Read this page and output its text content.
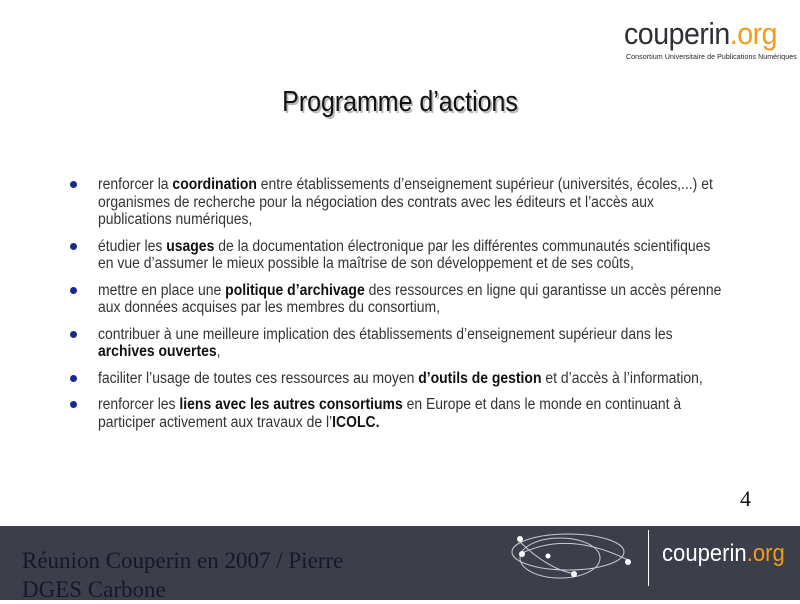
couperin.org
Consortium Universitaire de Publications Numériques
Programme d’actions
renforcer la coordination entre établissements d’enseignement supérieur (universités, écoles,...) et organismes de recherche pour la négociation des contrats avec les éditeurs et l’accès aux publications numériques,
étudier les usages de la documentation électronique par les différentes communautés scientifiques en vue d’assumer le mieux possible la maîtrise de son développement et de ses coûts,
mettre en place une politique d’archivage des ressources en ligne qui garantisse un accès pérenne aux données acquises par les membres du consortium,
contribuer à une meilleure implication des établissements d’enseignement supérieur dans les archives ouvertes,
faciliter l’usage de toutes ces ressources au moyen d’outils de gestion et d’accès à l’information,
renforcer les liens avec les autres consortiums en Europe et dans le monde en continuant à participer activement aux travaux de l’ICOLC.
4
Réunion Couperin en 2007 / Pierre
DGES Carbone
couperin.org
